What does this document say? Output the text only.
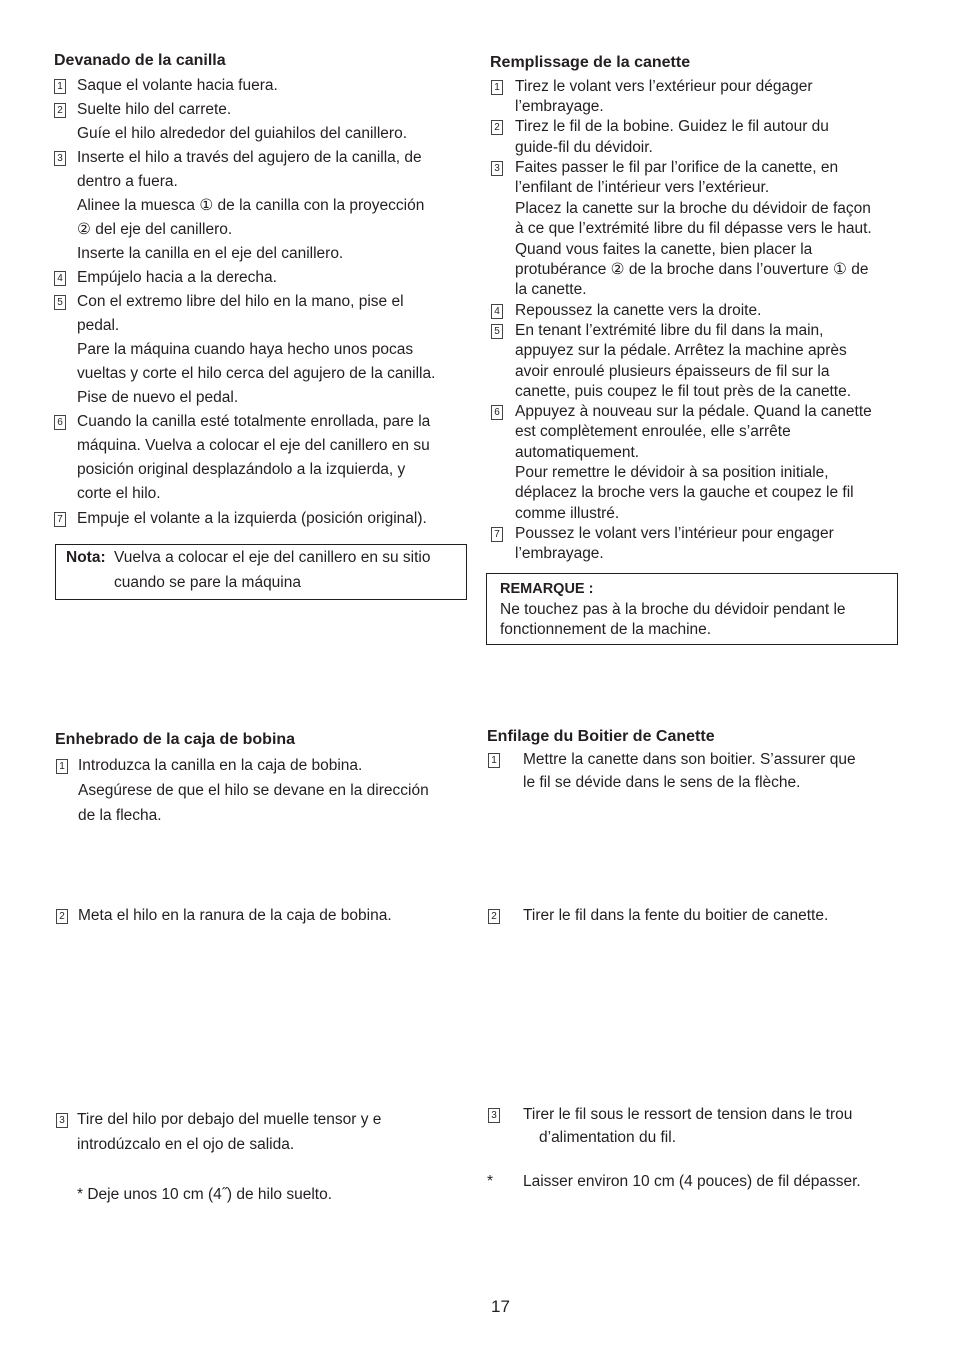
Devanado de la canilla
1 Saque el volante hacia fuera.
2 Suelte hilo del carrete.
Guíe el hilo alrededor del guiahilos del canillero.
3 Inserte el hilo a través del agujero de la canilla, de
dentro a fuera.
Alinee la muesca ① de la canilla con la proyección
② del eje del canillero.
Inserte la canilla en el eje del canillero.
4 Empújelo hacia a la derecha.
5 Con el extremo libre del hilo en la mano, pise el
pedal.
Pare la máquina cuando haya hecho unos pocas
vueltas y corte el hilo cerca del agujero de la canilla.
Pise de nuevo el pedal.
6 Cuando la canilla esté totalmente enrollada, pare la
máquina. Vuelva a colocar el eje del canillero en su
posición original desplazándolo a la izquierda, y
corte el hilo.
7 Empuje el volante a la izquierda (posición original).
Nota: Vuelva a colocar el eje del canillero en su sitio
cuando se pare la máquina
Enhebrado de la caja de bobina
1 Introduzca la canilla en la caja de bobina.
Asegúrese de que el hilo se devane en la dirección
de la flecha.
2 Meta el hilo en la ranura de la caja de bobina.
3 Tire del hilo por debajo del muelle tensor y e
introdúzcalo en el ojo de salida.
* Deje unos 10 cm (4˝) de hilo suelto.
Remplissage de la canette
1 Tirez le volant vers l’extérieur pour dégager
l’embrayage.
2 Tirez le fil de la bobine. Guidez le fil autour du
guide-fil du dévidoir.
3 Faites passer le fil par l’orifice de la canette, en
l’enfilant de l’intérieur vers l’extérieur.
Placez la canette sur la broche du dévidoir de façon
à ce que l’extrémité libre du fil dépasse vers le haut.
Quand vous faites la canette, bien placer la
protubérance ② de la broche dans l’ouverture ① de
la canette.
4 Repoussez la canette vers la droite.
5 En tenant l’extrémité libre du fil dans la main,
appuyez sur la pédale. Arrêtez la machine après
avoir enroulé plusieurs épaisseurs de fil sur la
canette, puis coupez le fil tout près de la canette.
6 Appuyez à nouveau sur la pédale. Quand la canette
est complètement enroulée, elle s’arrête
automatiquement.
Pour remettre le dévidoir à sa position initiale,
déplacez la broche vers la gauche et coupez le fil
comme illustré.
7 Poussez le volant vers l’intérieur pour engager
l’embrayage.
REMARQUE :
Ne touchez pas à la broche du dévidoir pendant le
fonctionnement de la machine.
Enfilage du Boitier de Canette
1 Mettre la canette dans son boitier. S’assurer que
le fil se dévide dans le sens de la flèche.
2 Tirer le fil dans la fente du boitier de canette.
3 Tirer le fil sous le ressort de tension dans le trou
d’alimentation du fil.
* Laisser environ 10 cm (4 pouces) de fil dépasser.
17
